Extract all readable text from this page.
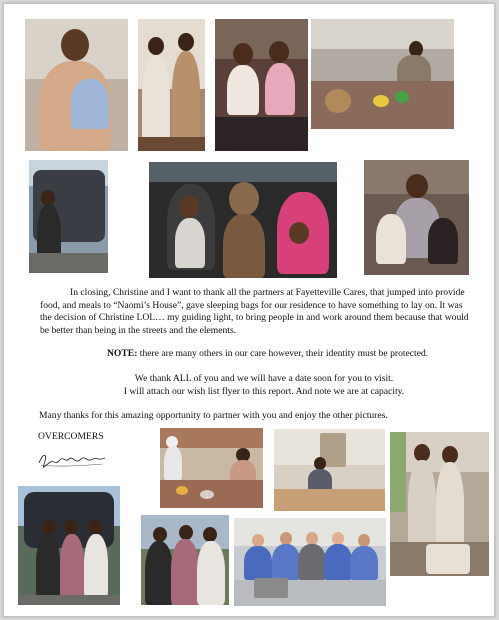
In closing, Christine and I want to thank all the partners at Fayetteville Cares, that jumped into provide food, and meals to “Naomi’s House”, gave sleeping bags for our residence to have something to lay on. It was the decision of Christine LOL… my guiding light, to bring people in and work around them because that would be better than being in the streets and the elements.
NOTE: there are many others in our care however, their identity must be protected.
We thank ALL of you and we will have a date soon for you to visit.
I will attach our wish list flyer to this report. And note we are at capacity.
Many thanks for this amazing opportunity to partner with you and enjoy the other pictures.
OVERCOMERS
